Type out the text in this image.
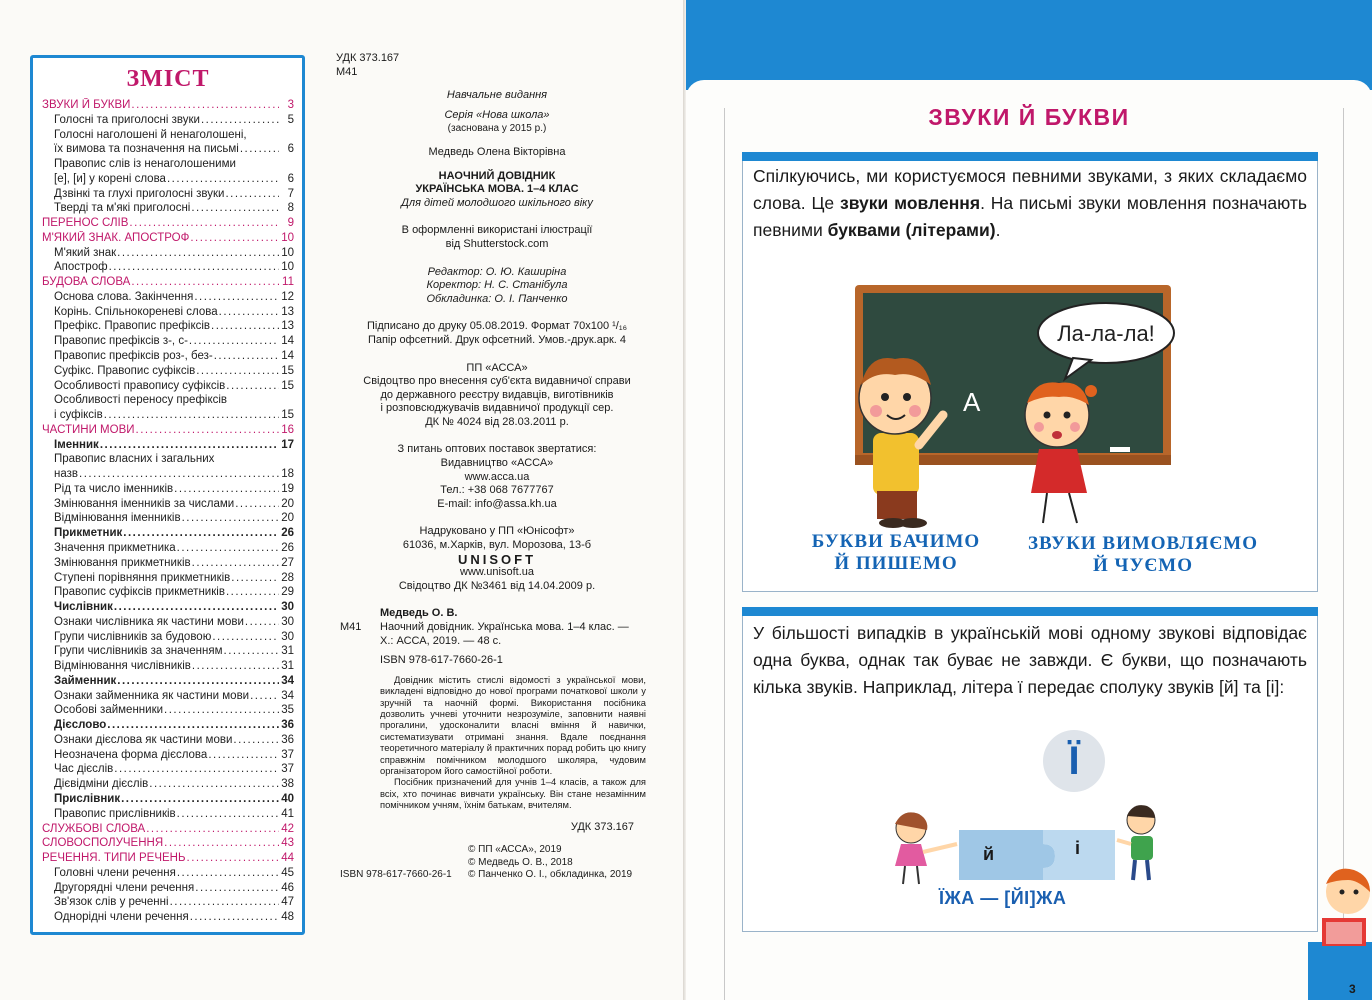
ЗМІСТ
ЗВУКИ Й БУКВИ .....	3
Голосні та приголосні звуки .....	5
Голосні наголошені й ненаголошені,
їх вимова та позначення на письмі .....	6
Правопис слів із ненаголошеними
[е], [и] у корені слова .....	6
Дзвінкі та глухі приголосні звуки .....	7
Тверді та м'які приголосні .....	8
ПЕРЕНОС СЛІВ .....	9
М'ЯКИЙ ЗНАК. АПОСТРОФ .....	10
М'який знак .....	10
Апостроф .....	10
БУДОВА СЛОВА .....	11
Основа слова. Закінчення .....	12
Корінь. Спільнокореневі слова .....	13
Префікс. Правопис префіксів .....	13
Правопис префіксів з-, с- .....	14
Правопис префіксів роз-, без- .....	14
Суфікс. Правопис суфіксів .....	15
Особливості правопису суфіксів .....	15
Особливості переносу префіксів
і суфіксів .....	15
ЧАСТИНИ МОВИ .....	16
Іменник .....	17
Правопис власних і загальних
назв .....	18
Рід та число іменників .....	19
Змінювання іменників за числами .....	20
Відмінювання іменників .....	20
Прикметник .....	26
Значення прикметника .....	26
Змінювання прикметників .....	27
Ступені порівняння прикметників .....	28
Правопис суфіксів прикметників .....	29
Числівник .....	30
Ознаки числівника як частини мови .....	30
Групи числівників за будовою .....	30
Групи числівників за значенням .....	31
Відмінювання числівників .....	31
Займенник .....	34
Ознаки займенника як частини мови .....	34
Особові займенники .....	35
Дієслово .....	36
Ознаки дієслова як частини мови .....	36
Неозначена форма дієслова .....	37
Час дієслів .....	37
Дієвідміни дієслів .....	38
Прислівник .....	40
Правопис прислівників .....	41
СЛУЖБОВІ СЛОВА .....	42
СЛОВОСПОЛУЧЕННЯ .....	43
РЕЧЕННЯ. ТИПИ РЕЧЕНЬ .....	44
Головні члени речення .....	45
Другорядні члени речення .....	46
Зв'язок слів у реченні .....	47
Однорідні члени речення .....	48
УДК 373.167
М41
Навчальне видання
Серія «Нова школа»
(заснована у 2015 р.)
Медведь Олена Вікторівна
НАОЧНИЙ ДОВІДНИК
УКРАЇНСЬКА МОВА. 1–4 КЛАС
Для дітей молодшого шкільного віку
В оформленні використані ілюстрації
від Shutterstock.com
Редактор: О. Ю. Каширіна
Коректор: Н. С. Станібула
Обкладинка: О. І. Панченко
Підписано до друку 05.08.2019. Формат 70х100 ¹/₁₆
Папір офсетний. Друк офсетний. Умов.-друк.арк. 4
ПП «АССА»
Свідоцтво про внесення суб'єкта видавничої справи
до державного реєстру видавців, виготівників
і розповсюджувачів видавничої продукції сер.
ДК № 4024 від 28.03.2011 р.
З питань оптових поставок звертатися:
Видавництво «АССА»
www.acca.ua
Тел.: +38 068 7677767
E-mail: info@assa.kh.ua
Надруковано у ПП «Юнісофт»
61036, м.Харків, вул. Морозова, 13-б
UNISOFT
www.unisoft.ua
Свідоцтво ДК №3461 від 14.04.2009 р.
Медведь О. В.
М41	Наочний довідник. Українська мова. 1–4 клас. —
Х.: АССА, 2019. — 48 с.
ISBN 978-617-7660-26-1

Довідник містить стислі відомості з української мови, викладені відповідно до нової програми початкової школи у зручній та наочній формі. Використання посібника дозволить учневі уточнити незрозуміле, заповнити наявні прогалини, удосконалити власні вміння й навички, систематизувати отримані знання. Вдале поєднання теоретичного матеріалу й практичних порад робить цю книгу справжнім помічником молодшого школяра, чудовим організатором його самостійної роботи.

Посібник призначений для учнів 1–4 класів, а також для всіх, хто починає вивчати українську. Він стане незамінним помічником учням, їхнім батькам, вчителям.

УДК 373.167
ISBN 978-617-7660-26-1
© ПП «АССА», 2019
© Медведь О. В., 2018
© Панченко О. І., обкладинка, 2019
ЗВУКИ Й БУКВИ
Спілкуючись, ми користуємося певними звуками, з яких складаємо слова. Це звуки мовлення. На письмі звуки мовлення позначають певними буквами (літерами).
А
Ла-ла-ла!
БУКВИ БАЧИМО
Й ПИШЕМО
ЗВУКИ ВИМОВЛЯЄМО
Й ЧУЄМО
У більшості випадків в українській мові одному звукові відповідає одна буква, однак так буває не завжди. Є букви, що позначають кілька звуків. Наприклад, літера ї передає сполуку звуків [й] та [і]:
Ї
й	і
ЇЖА — [ЙІ]ЖА
3
